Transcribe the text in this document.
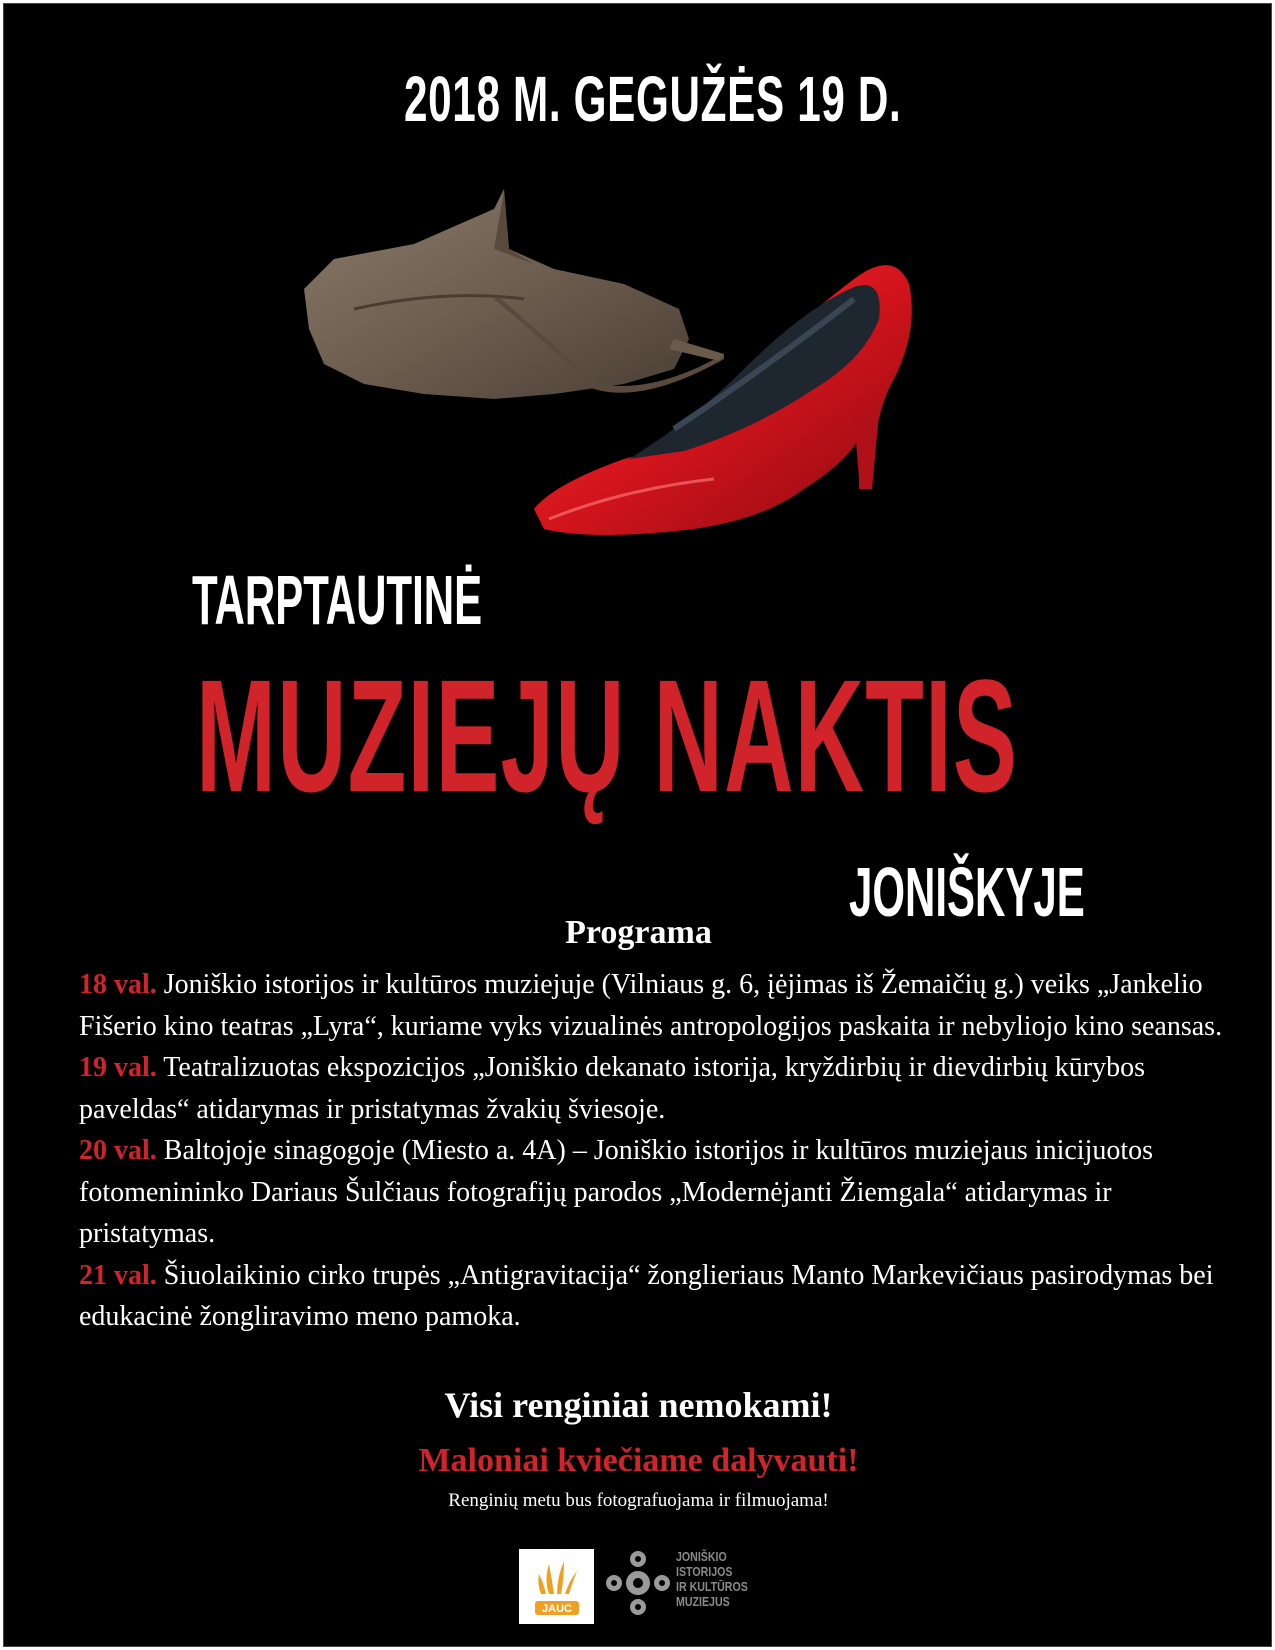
2018 M. GEGUŽĖS 19 D.
TARPTAUTINĖ
MUZIEJŲ NAKTIS
JONIŠKYJE
Programa

18 val. Joniškio istorijos ir kultūros muziejuje (Vilniaus g. 6, įėjimas iš Žemaičių g.) veiks „Jankelio Fišerio kino teatras „Lyra“, kuriame vyks vizualinės antropologijos paskaita ir nebyliojo kino seansas.

19 val. Teatralizuotas ekspozicijos „Joniškio dekanato istorija, kryždirbių ir dievdirbių kūrybos paveldas“ atidarymas ir pristatymas žvakių šviesoje.

20 val. Baltojoje sinagogoje (Miesto a. 4A) – Joniškio istorijos ir kultūros muziejaus inicijuotos fotomenininko Dariaus Šulčiaus fotografijų parodos „Modernėjanti Žiemgala“ atidarymas ir pristatymas.

21 val. Šiuolaikinio cirko trupės „Antigravitacija“ žonglieriaus Manto Markevičiaus pasirodymas bei edukacinė žongliravimo meno pamoka.

Visi renginiai nemokami!
Maloniai kviečiame dalyvauti!
Renginių metu bus fotografuojama ir filmuojama!
JAUC
JONIŠKIO
ISTORIJOS
IR KULTŪROS
MUZIEJUS
